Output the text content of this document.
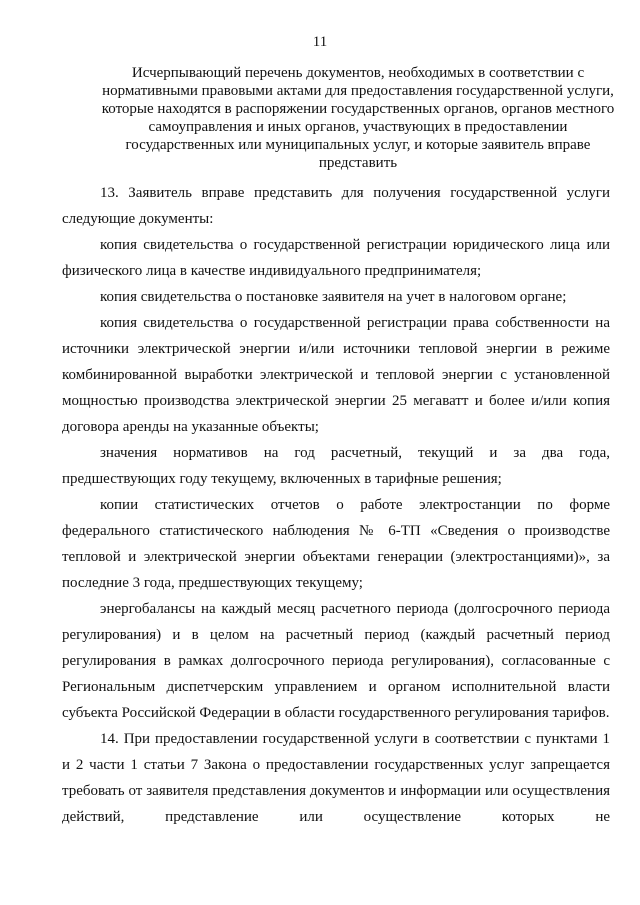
11
Исчерпывающий перечень документов, необходимых в соответствии с нормативными правовыми актами для предоставления государственной услуги, которые находятся в распоряжении государственных органов, органов местного самоуправления и иных органов, участвующих в предоставлении государственных или муниципальных услуг, и которые заявитель вправе представить

13. Заявитель вправе представить для получения государственной услуги следующие документы:

копия свидетельства о государственной регистрации юридического лица или физического лица в качестве индивидуального предпринимателя;

копия свидетельства о постановке заявителя на учет в налоговом органе;

копия свидетельства о государственной регистрации права собственности на источники электрической энергии и/или источники тепловой энергии в режиме комбинированной выработки электрической и тепловой энергии с установленной мощностью производства электрической энергии 25 мегаватт и более и/или копия договора аренды на указанные объекты;

значения нормативов на год расчетный, текущий и за два года, предшествующих году текущему, включенных в тарифные решения;

копии статистических отчетов о работе электростанции по форме федерального статистического наблюдения № 6-ТП «Сведения о производстве тепловой и электрической энергии объектами генерации (электростанциями)», за последние 3 года, предшествующих текущему;

энергобалансы на каждый месяц расчетного периода (долгосрочного периода регулирования) и в целом на расчетный период (каждый расчетный период регулирования в рамках долгосрочного периода регулирования), согласованные с Региональным диспетчерским управлением и органом исполнительной власти субъекта Российской Федерации в области государственного регулирования тарифов.

14. При предоставлении государственной услуги в соответствии с пунктами 1 и 2 части 1 статьи 7 Закона о предоставлении государственных услуг запрещается требовать от заявителя представления документов и информации или осуществления действий, представление или осуществление которых не
